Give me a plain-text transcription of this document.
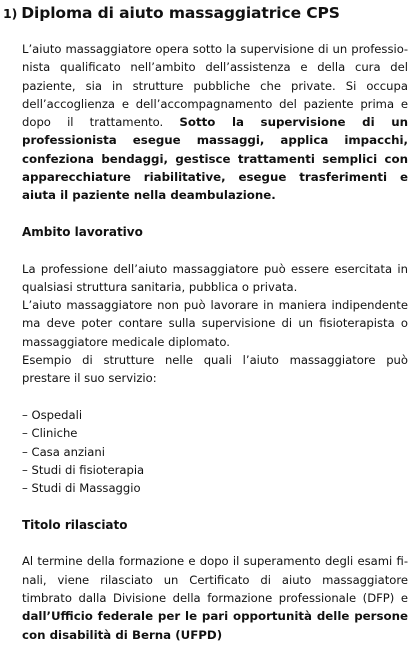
1) Diploma di aiuto massaggiatrice CPS

L’aiuto massaggiatore opera sotto la supervisione di un professionista qualificato nell’ambito dell’assistenza e della cura del paziente, sia in strutture pubbliche che private. Si occupa dell’accoglienza e dell’accompagnamento del paziente prima e dopo il trattamento. Sotto la supervisione di un professionista esegue massaggi, applica impacchi, confeziona bendaggi, gestisce trattamenti semplici con apparecchiature riabilitative, esegue trasferimenti e aiuta il paziente nella deambulazione.

Ambito lavorativo

La professione dell’aiuto massaggiatore può essere esercitata in qualsiasi struttura sanitaria, pubblica o privata.

L’aiuto massaggiatore non può lavorare in maniera indipendente ma deve poter contare sulla supervisione di un fisioterapista o massaggiatore medicale diplomato.

Esempio di strutture nelle quali l’aiuto massaggiatore può prestare il suo servizio:

– Ospedali
– Cliniche
– Casa anziani
– Studi di fisioterapia
– Studi di Massaggio
Titolo rilasciato

Al termine della formazione e dopo il superamento degli esami finali, viene rilasciato un Certificato di aiuto massaggiatore timbrato dalla Divisione della formazione professionale (DFP) e dall’Ufficio federale per le pari opportunità delle persone con disabilità di Berna (UFPD)
